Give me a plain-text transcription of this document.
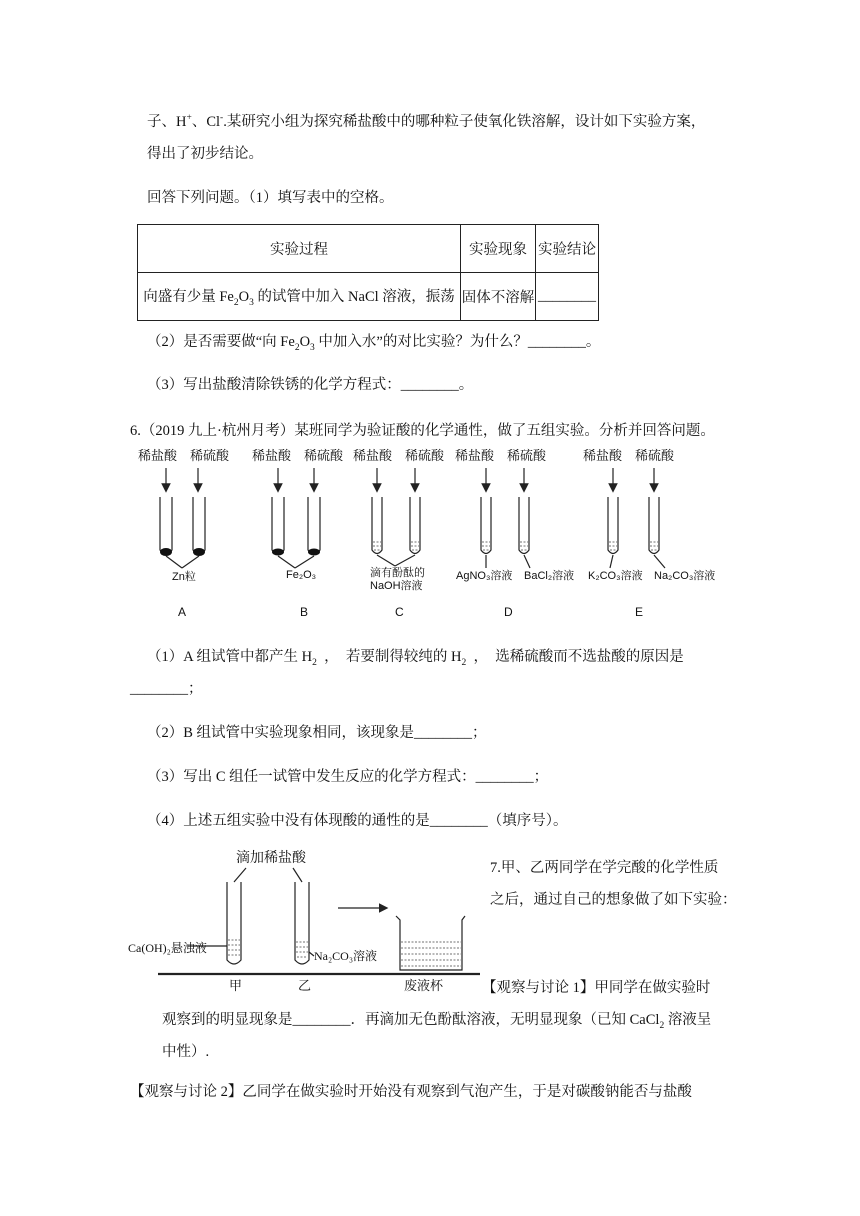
子、H+、Cl-.某研究小组为探究稀盐酸中的哪种粒子使氧化铁溶解，设计如下实验方案，
得出了初步结论。
回答下列问题。（1）填写表中的空格。
实验过程	实验现象	实验结论
向盛有少量 $Fe_2O_3$ 的试管中加入 NaCl 溶液，振荡	固体不溶解	________
（2）是否需要做“向 $Fe_2O_3$ 中加入水”的对比实验？为什么？________。
（3）写出盐酸清除铁锈的化学方程式：________。
6.（2019 九上·杭州月考）某班同学为验证酸的化学通性，做了五组实验。分析并回答问题。
稀盐酸 稀硫酸 稀盐酸 稀硫酸 稀盐酸 稀硫酸 稀盐酸 稀硫酸	稀盐酸 稀硫酸
Zn粒	Fe₂O₃	滴有酚酞的
NaOH溶液
AgNO₃溶液 BaCl₂溶液 K₂CO₃溶液 Na₂CO₃溶液
A	B	C	D	E
（1）A 组试管中都产生 $H_2$  ，  若要制得较纯的 $H_2$  ，  选稀硫酸而不选盐酸的原因是
________；
（2）B 组试管中实验现象相同，该现象是________；
（3）写出 C 组任一试管中发生反应的化学方程式：________；
（4）上述五组实验中没有体现酸的通性的是________（填序号）。
滴加稀盐酸
Ca(OH)₂悬浊液
Na₂CO₃溶液
甲	乙	废液杯
7.甲、乙两同学在学完酸的化学性质
之后，通过自己的想象做了如下实验：
【观察与讨论 1】甲同学在做实验时
观察到的明显现象是________．再滴加无色酚酞溶液，无明显现象（已知 CaCl$_2$ 溶液呈
中性）.
【观察与讨论 2】乙同学在做实验时开始没有观察到气泡产生，于是对碳酸钠能否与盐酸
